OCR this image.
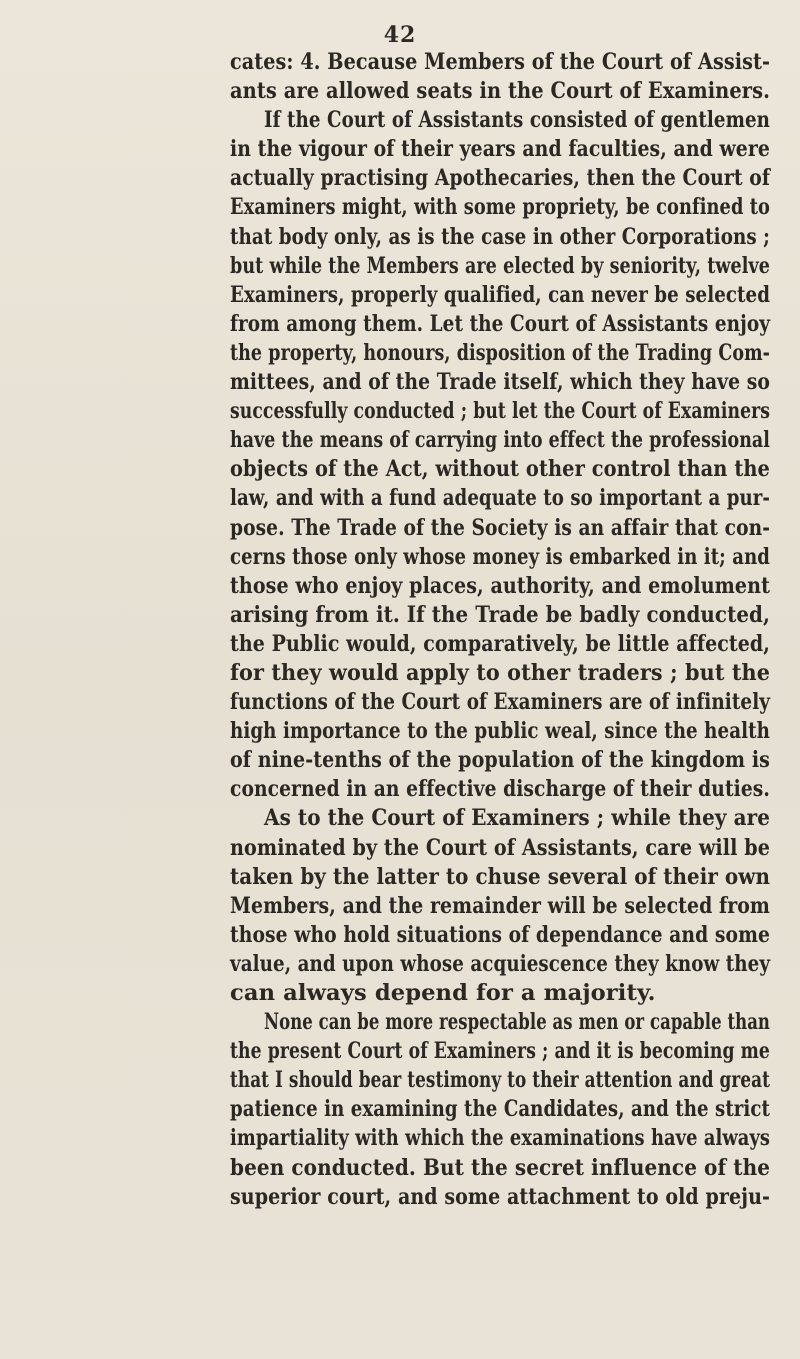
42
cates: 4. Because Members of the Court of Assist-
ants are allowed seats in the Court of Examiners.
If the Court of Assistants consisted of gentlemen
in the vigour of their years and faculties, and were
actually practising Apothecaries, then the Court of
Examiners might, with some propriety, be confined to
that body only, as is the case in other Corporations ;
but while the Members are elected by seniority, twelve
Examiners, properly qualified, can never be selected
from among them. Let the Court of Assistants enjoy
the property, honours, disposition of the Trading Com-
mittees, and of the Trade itself, which they have so
successfully conducted ; but let the Court of Examiners
have the means of carrying into effect the professional
objects of the Act, without other control than the
law, and with a fund adequate to so important a pur-
pose. The Trade of the Society is an affair that con-
cerns those only whose money is embarked in it; and
those who enjoy places, authority, and emolument
arising from it. If the Trade be badly conducted,
the Public would, comparatively, be little affected,
for they would apply to other traders ; but the
functions of the Court of Examiners are of infinitely
high importance to the public weal, since the health
of nine-tenths of the population of the kingdom is
concerned in an effective discharge of their duties.
As to the Court of Examiners ; while they are
nominated by the Court of Assistants, care will be
taken by the latter to chuse several of their own
Members, and the remainder will be selected from
those who hold situations of dependance and some
value, and upon whose acquiescence they know they
can always depend for a majority.
None can be more respectable as men or capable than
the present Court of Examiners ; and it is becoming me
that I should bear testimony to their attention and great
patience in examining the Candidates, and the strict
impartiality with which the examinations have always
been conducted. But the secret influence of the
superior court, and some attachment to old preju-
